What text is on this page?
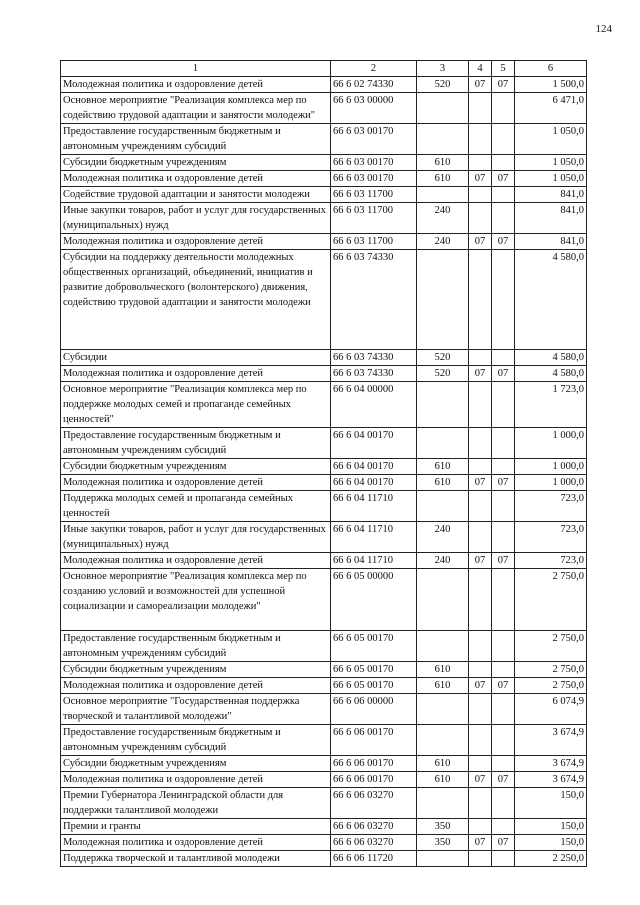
124
1	2	3	4	5	6
Молодежная политика и оздоровление детей	66 6 02 74330	520	07	07	1 500,0
Основное мероприятие "Реализация комплекса мер по содействию трудовой адаптации и занятости молодежи"	66 6 03 00000				6 471,0
Предоставление государственным бюджетным и автономным учреждениям субсидий	66 6 03 00170				1 050,0
Субсидии бюджетным учреждениям	66 6 03 00170	610			1 050,0
Молодежная политика и оздоровление детей	66 6 03 00170	610	07	07	1 050,0
Содействие трудовой адаптации и занятости молодежи	66 6 03 11700				841,0
Иные закупки товаров, работ и услуг для государственных (муниципальных) нужд	66 6 03 11700	240			841,0
Молодежная политика и оздоровление детей	66 6 03 11700	240	07	07	841,0
Субсидии на поддержку деятельности молодежных общественных организаций, объединений, инициатив и развитие добровольческого (волонтерского) движения, содействию трудовой адаптации и занятости молодежи	66 6 03 74330				4 580,0
Субсидии	66 6 03 74330	520			4 580,0
Молодежная политика и оздоровление детей	66 6 03 74330	520	07	07	4 580,0
Основное мероприятие "Реализация комплекса мер по поддержке молодых семей и пропаганде семейных ценностей"	66 6 04 00000				1 723,0
Предоставление государственным бюджетным и автономным учреждениям субсидий	66 6 04 00170				1 000,0
Субсидии бюджетным учреждениям	66 6 04 00170	610			1 000,0
Молодежная политика и оздоровление детей	66 6 04 00170	610	07	07	1 000,0
Поддержка молодых семей и пропаганда семейных ценностей	66 6 04 11710				723,0
Иные закупки товаров, работ и услуг для государственных (муниципальных) нужд	66 6 04 11710	240			723,0
Молодежная политика и оздоровление детей	66 6 04 11710	240	07	07	723,0
Основное мероприятие "Реализация комплекса мер по созданию условий и возможностей для успешной социализации и самореализации молодежи"	66 6 05 00000				2 750,0
Предоставление государственным бюджетным и автономным учреждениям субсидий	66 6 05 00170				2 750,0
Субсидии бюджетным учреждениям	66 6 05 00170	610			2 750,0
Молодежная политика и оздоровление детей	66 6 05 00170	610	07	07	2 750,0
Основное мероприятие "Государственная поддержка творческой и талантливой молодежи"	66 6 06 00000				6 074,9
Предоставление государственным бюджетным и автономным учреждениям субсидий	66 6 06 00170				3 674,9
Субсидии бюджетным учреждениям	66 6 06 00170	610			3 674,9
Молодежная политика и оздоровление детей	66 6 06 00170	610	07	07	3 674,9
Премии Губернатора Ленинградской области для поддержки талантливой молодежи	66 6 06 03270				150,0
Премии и гранты	66 6 06 03270	350			150,0
Молодежная политика и оздоровление детей	66 6 06 03270	350	07	07	150,0
Поддержка творческой и талантливой молодежи	66 6 06 11720				2 250,0
